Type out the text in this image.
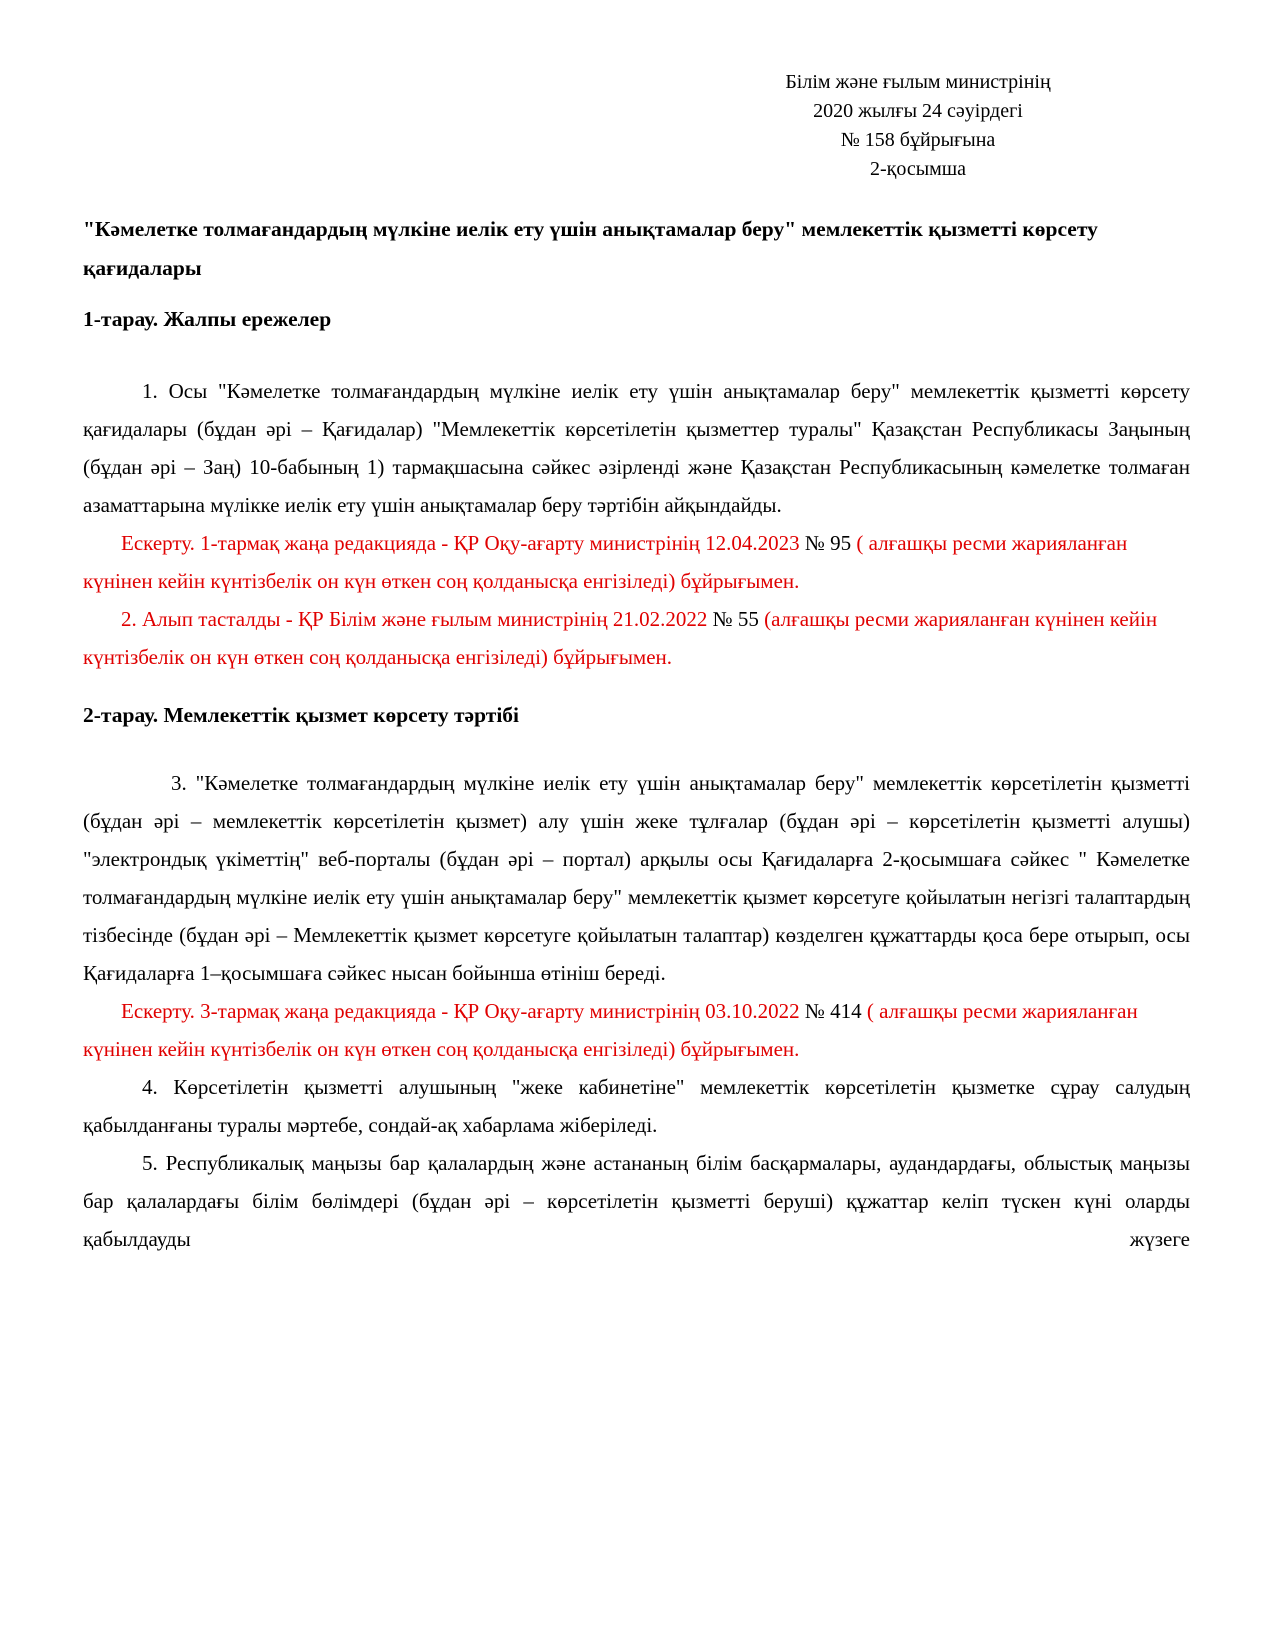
Білім және ғылым министрінің
2020 жылғы 24 сәуірдегі
№ 158 бұйрығына
2-қосымша
"Кәмелетке толмағандардың мүлкіне иелік ету үшін анықтамалар беру" мемлекеттік қызметті көрсету қағидалары
1-тарау. Жалпы ережелер

1. Осы "Кәмелетке толмағандардың мүлкіне иелік ету үшін анықтамалар беру" мемлекеттік қызметті көрсету қағидалары (бұдан әрі – Қағидалар) "Мемлекеттік көрсетілетін қызметтер туралы" Қазақстан Республикасы Заңының (бұдан әрі – Заң) 10-бабының 1) тармақшасына сәйкес әзірленді және Қазақстан Республикасының кәмелетке толмаған азаматтарына мүлікке иелік ету үшін анықтамалар беру тәртібін айқындайды.

Ескерту. 1-тармақ жаңа редакцияда - ҚР Оқу-ағарту министрінің 12.04.2023 № 95 ( алғашқы ресми жарияланған күнінен кейін күнтізбелік он күн өткен соң қолданысқа енгізіледі) бұйрығымен.

2. Алып тасталды - ҚР Білім және ғылым министрінің 21.02.2022 № 55 (алғашқы ресми жарияланған күнінен кейін күнтізбелік он күн өткен соң қолданысқа енгізіледі) бұйрығымен.

2-тарау. Мемлекеттік қызмет көрсету тәртібі

3. "Кәмелетке толмағандардың мүлкіне иелік ету үшін анықтамалар беру" мемлекеттік көрсетілетін қызметті (бұдан әрі – мемлекеттік көрсетілетін қызмет) алу үшін жеке тұлғалар (бұдан әрі – көрсетілетін қызметті алушы) "электрондық үкіметтің" веб-порталы (бұдан әрі – портал) арқылы осы Қағидаларға 2-қосымшаға сәйкес " Кәмелетке толмағандардың мүлкіне иелік ету үшін анықтамалар беру" мемлекеттік қызмет көрсетуге қойылатын негізгі талаптардың тізбесінде (бұдан әрі – Мемлекеттік қызмет көрсетуге қойылатын талаптар) көзделген құжаттарды қоса бере отырып, осы Қағидаларға 1–қосымшаға сәйкес нысан бойынша өтініш береді.

Ескерту. 3-тармақ жаңа редакцияда - ҚР Оқу-ағарту министрінің 03.10.2022 № 414 ( алғашқы ресми жарияланған күнінен кейін күнтізбелік он күн өткен соң қолданысқа енгізіледі) бұйрығымен.

4. Көрсетілетін қызметті алушының "жеке кабинетіне" мемлекеттік көрсетілетін қызметке сұрау салудың қабылданғаны туралы мәртебе, сондай-ақ хабарлама жіберіледі.

5. Республикалық маңызы бар қалалардың және астананың білім басқармалары, аудандардағы, облыстық маңызы бар қалалардағы білім бөлімдері (бұдан әрі – көрсетілетін қызметті беруші) құжаттар келіп түскен күні оларды қабылдауды жүзеге
